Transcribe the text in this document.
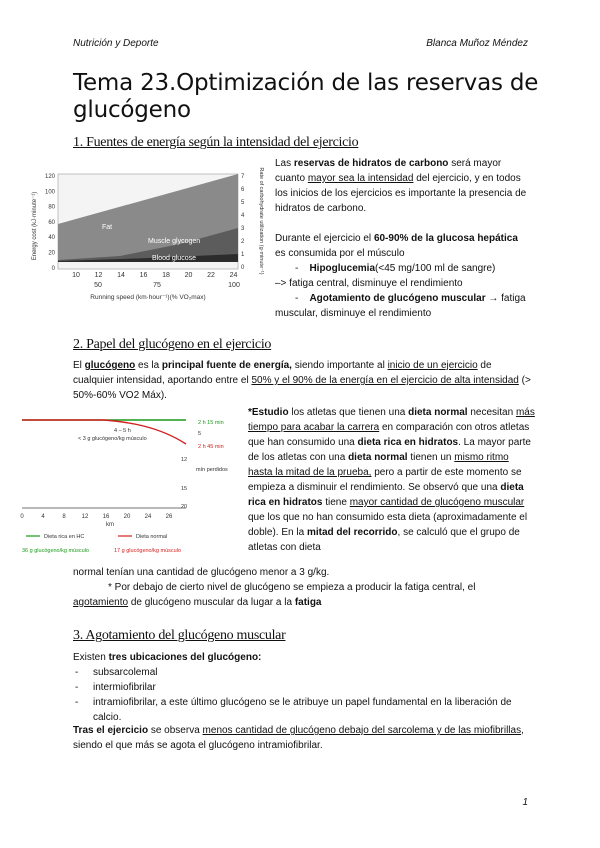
Nutrición y Deporte	Blanca Muñoz Méndez
Tema 23.Optimización de las reservas de glucógeno
1. Fuentes de energía según la intensidad del ejercicio
Fat
Muscle glycogen
Blood glucose
120
100
80
60
40
20
0
7
6
5
4
3
2
1
0
10 12 14 16 18 20 22 24
50	75	100
Energy cost (kJ·minute⁻¹)	Rate of carbohydrate utilization (g·minute⁻¹)
Running speed (km·hour⁻¹)(% VO₂max)
Las reservas de hidratos de carbono será mayor cuanto mayor sea la intensidad del ejercicio, y en todos los inicios de los ejercicios es importante la presencia de hidratos de carbono.
Durante el ejercicio el 60-90% de la glucosa hepática es consumida por el músculo
-    Hipoglucemia(<45 mg/100 ml de sangre)
–> fatiga central, disminuye el rendimiento
-    Agotamiento de glucógeno muscular → fatiga muscular, disminuye el rendimiento
2. Papel del glucógeno en el ejercicio
El glucógeno es la principal fuente de energía, siendo importante al inicio de un ejercicio de cualquier intensidad, aportando entre el 50% y el 90% de la energía en el ejercicio de alta intensidad (> 50%-60% VO2 Máx).
4 – 5 h
< 3 g glucógeno/kg músculo
2 h 15 min
5
2 h 45 min
12
mín perdidos
15
20
0	4	8	12 16 20 24 26
km
Dieta rica en HC	Dieta normal
36 g glucógeno/kg músculo	17 g glucógeno/kg músculo
*Estudio los atletas que tienen una dieta normal necesitan más tiempo para acabar la carrera en comparación con otros atletas que han consumido una dieta rica en hidratos. La mayor parte de los atletas con una dieta normal tienen un mismo ritmo hasta la mitad de la prueba, pero a partir de este momento se empieza a disminuir el rendimiento. Se observó que una dieta rica en hidratos tiene mayor cantidad de glucógeno muscular que los que no han consumido esta dieta (aproximadamente el doble). En la mitad del recorrido, se calculó que el grupo de atletas con dieta
normal tenían una cantidad de glucógeno menor a 3 g/kg.
* Por debajo de cierto nivel de glucógeno se empieza a producir la fatiga central, el agotamiento de glucógeno muscular da lugar a la fatiga
3. Agotamiento del glucógeno muscular
Existen tres ubicaciones del glucógeno:
- subsarcolemal
- intermiofibrilar
- intramiofibrilar, a este último glucógeno se le atribuye un papel fundamental en la liberación de calcio.
Tras el ejercicio se observa menos cantidad de glucógeno debajo del sarcolema y de las miofibrillas, siendo el que más se agota el glucógeno intramiofibrilar.
1
